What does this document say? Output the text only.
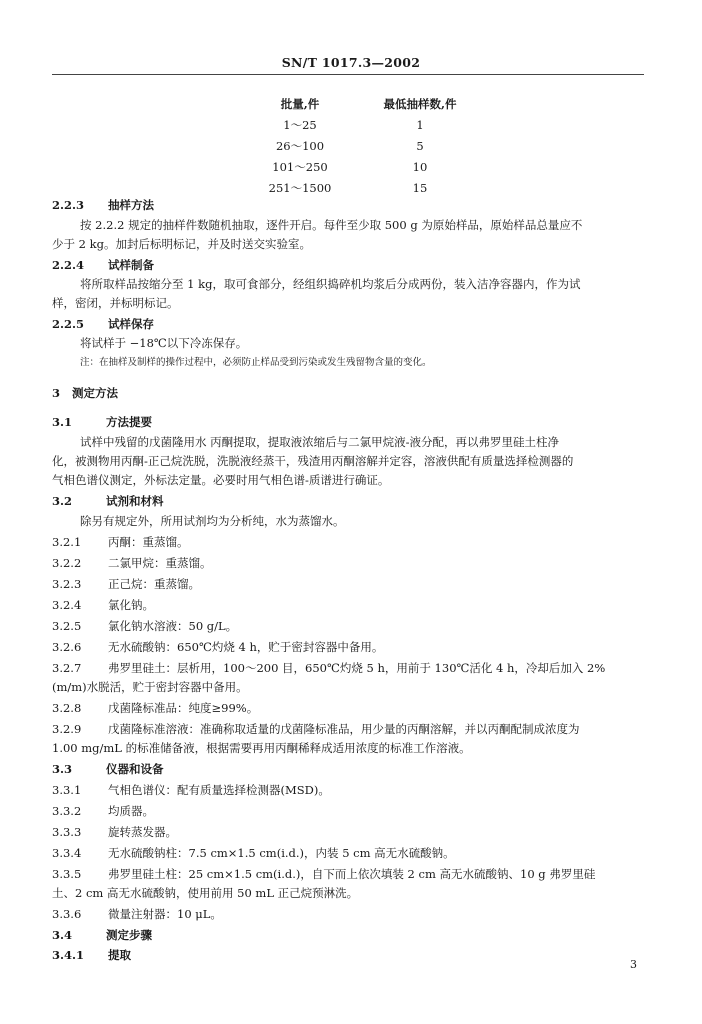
SN/T 1017.3—2002
批量,件	最低抽样数,件
1～25	1
26～100	5
101～250	10
251～1500	15
2.2.3 抽样方法
按 2.2.2 规定的抽样件数随机抽取，逐件开启。每件至少取 500 g 为原始样品，原始样品总量应不
少于 2 kg。加封后标明标记，并及时送交实验室。
2.2.4 试样制备
将所取样品按缩分至 1 kg，取可食部分，经组织捣碎机均浆后分成两份，装入洁净容器内，作为试
样，密闭，并标明标记。
2.2.5 试样保存
将试样于 −18℃以下冷冻保存。
注：在抽样及制样的操作过程中，必须防止样品受到污染或发生残留物含量的变化。
3 测定方法
3.1	方法提要
试样中残留的戊菌隆用水 丙酮提取，提取液浓缩后与二氯甲烷液-液分配，再以弗罗里硅土柱净
化，被测物用丙酮-正己烷洗脱，洗脱液经蒸干，残渣用丙酮溶解并定容，溶液供配有质量选择检测器的
气相色谱仪测定，外标法定量。必要时用气相色谱-质谱进行确证。
3.2	试剂和材料
除另有规定外，所用试剂均为分析纯，水为蒸馏水。
3.2.1 丙酮：重蒸馏。
3.2.2 二氯甲烷：重蒸馏。
3.2.3 正己烷：重蒸馏。
3.2.4 氯化钠。
3.2.5 氯化钠水溶液：50 g/L。
3.2.6 无水硫酸钠：650℃灼烧 4 h，贮于密封容器中备用。
3.2.7 弗罗里硅土：层析用，100～200 目，650℃灼烧 5 h，用前于 130℃活化 4 h，冷却后加入 2%
(m/m)水脱活，贮于密封容器中备用。
3.2.8 戊菌隆标准品：纯度≥99%。
3.2.9 戊菌隆标准溶液：准确称取适量的戊菌隆标准品，用少量的丙酮溶解，并以丙酮配制成浓度为
1.00 mg/mL 的标准储备液，根据需要再用丙酮稀释成适用浓度的标准工作溶液。
3.3	仪器和设备
3.3.1 气相色谱仪：配有质量选择检测器(MSD)。
3.3.2 均质器。
3.3.3 旋转蒸发器。
3.3.4 无水硫酸钠柱：7.5 cm×1.5 cm(i.d.)，内装 5 cm 高无水硫酸钠。
3.3.5 弗罗里硅土柱：25 cm×1.5 cm(i.d.)，自下而上依次填装 2 cm 高无水硫酸钠、10 g 弗罗里硅
土、2 cm 高无水硫酸钠，使用前用 50 mL 正己烷预淋洗。
3.3.6 微量注射器：10 μL。
3.4	测定步骤
3.4.1 提取
3
